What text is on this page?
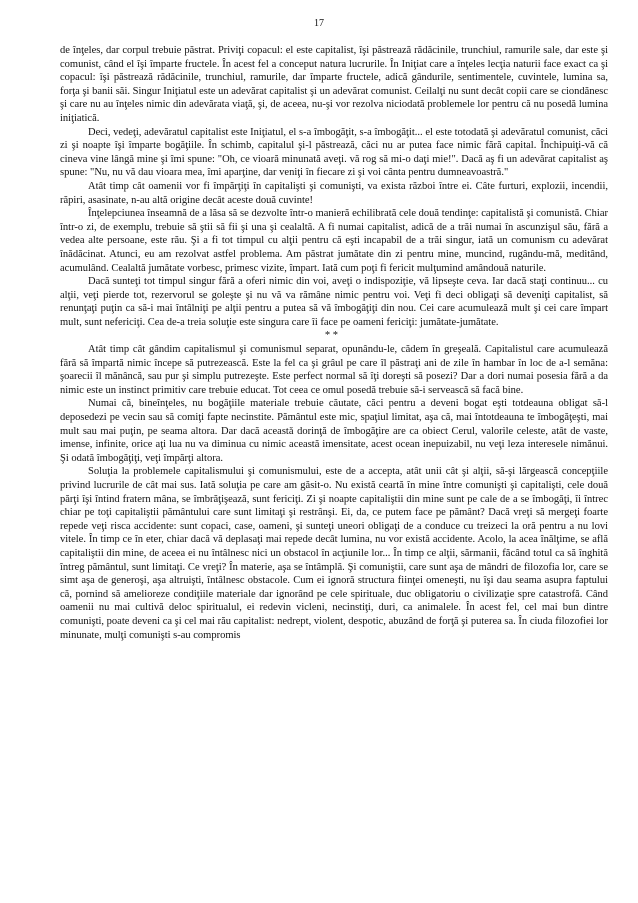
17

de înţeles, dar corpul trebuie păstrat. Priviţi copacul: el este capitalist, îşi păstrează rădăcinile, trunchiul, ramurile sale, dar este şi comunist, când el îşi împarte fructele. În acest fel a conceput natura lucrurile. În Iniţiat care a înţeles lecţia naturii face exact ca şi copacul: îşi păstrează rădăcinile, trunchiul, ramurile, dar împarte fructele, adică gândurile, sentimentele, cuvintele, lumina sa, forţa şi banii săi. Singur Iniţiatul este un adevărat capitalist şi un adevărat comunist. Ceilalţi nu sunt decât copii care se ciondănesc şi care nu au înţeles nimic din adevărata viaţă, şi, de aceea, nu-şi vor rezolva niciodată problemele lor pentru că nu posedă lumina iniţiatică.

Deci, vedeţi, adevăratul capitalist este Iniţiatul, el s-a îmbogăţit, s-a îmbogăţit... el este totodată şi adevăratul comunist, căci zi şi noapte îşi împarte bogăţiile. În schimb, capitalul şi-l păstrează, căci nu ar putea face nimic fără capital. Închipuiţi-vă că cineva vine lângă mine şi îmi spune: "Oh, ce vioară minunată aveţi. vă rog să mi-o daţi mie!". Dacă aş fi un adevărat capitalist aş spune: "Nu, nu vă dau vioara mea, îmi aparţine, dar veniţi în fiecare zi şi voi cânta pentru dumneavoastră."

Atât timp cât oamenii vor fi împărţiţi în capitalişti şi comunişti, va exista război între ei. Câte furturi, explozii, incendii, răpiri, asasinate, n-au altă origine decât aceste două cuvinte!

Înţelepciunea înseamnă de a lăsa să se dezvolte într-o manieră echilibrată cele două tendinţe: capitalistă şi comunistă. Chiar într-o zi, de exemplu, trebuie să ştii să fii şi una şi cealaltă. A fi numai capitalist, adică de a trăi numai în ascunzişul său, fără a vedea alte persoane, este rău. Şi a fi tot timpul cu alţii pentru că eşti incapabil de a trăi singur, iată un comunism cu adevărat înădăcinat. Atunci, eu am rezolvat astfel problema. Am păstrat jumătate din zi pentru mine, muncind, rugându-mă, meditând, acumulând. Cealaltă jumătate vorbesc, primesc vizite, împart. Iată cum poţi fi fericit mulţumind amândouă naturile.

Dacă sunteţi tot timpul singur fără a oferi nimic din voi, aveţi o indispoziţie, vă lipseşte ceva. Iar dacă staţi continuu... cu alţii, veţi pierde tot, rezervorul se goleşte şi nu vă va rămâne nimic pentru voi. Veţi fi deci obligaţi să deveniţi capitalist, să renunţaţi puţin ca să-i mai întâlniţi pe alţii pentru a putea să vă îmbogăţiţi din nou. Cei care acumulează mult şi cei care împart mult, sunt nefericiţi. Cea de-a treia soluţie este singura care îi face pe oameni fericiţi: jumătate-jumătate.

* *

Atât timp cât gândim capitalismul şi comunismul separat, opunându-le, cădem în greşeală. Capitalistul care acumulează fără să împartă nimic începe să putrezească. Este la fel ca şi grâul pe care îl păstraţi ani de zile în hambar în loc de a-l semăna: şoarecii îl mănâncă, sau pur şi simplu putrezeşte. Este perfect normal să îţi doreşti să posezi? Dar a dori numai posesia fără a da nimic este un instinct primitiv care trebuie educat. Tot ceea ce omul posedă trebuie să-i servească să facă bine.

Numai că, bineînţeles, nu bogăţiile materiale trebuie căutate, căci pentru a deveni bogat eşti totdeauna obligat să-l deposedezi pe vecin sau să comiţi fapte necinstite. Pământul este mic, spaţiul limitat, aşa că, mai întotdeauna te îmbogăţeşti, mai mult sau mai puţin, pe seama altora. Dar dacă aceastǎ dorinţă de îmbogăţire are ca obiect Cerul, valorile celeste, atât de vaste, imense, infinite, orice aţi lua nu va diminua cu nimic această imensitate, acest ocean inepuizabil, nu veţi leza interesele nimănui. Şi odată îmbogăţiţi, veţi împărţi altora.

Soluţia la problemele capitalismului şi comunismului, este de a accepta, atât unii cât şi alţii, să-şi lărgească concepţiile privind lucrurile de cât mai sus. Iată soluţia pe care am găsit-o. Nu există ceartă în mine între comunişti şi capitalişti, cele două părţi îşi întind fratern mâna, se îmbrăţişează, sunt fericiţi. Zi şi noapte capitaliştii din mine sunt pe cale de a se îmbogăţi, îi întrec chiar pe toţi capitaliştii pământului care sunt limitaţi şi restrânşi. Ei, da, ce putem face pe pământ? Dacă vreţi să mergeţi foarte repede veţi risca accidente: sunt copaci, case, oameni, şi sunteţi uneori obligaţi de a conduce cu treizeci la oră pentru a nu lovi vitele. În timp ce în eter, chiar dacă vă deplasaţi mai repede decât lumina, nu vor există accidente. Acolo, la acea înălţime, se află capitaliştii din mine, de aceea ei nu întâlnesc nici un obstacol în acţiunile lor... În timp ce alţii, sărmanii, făcând totul ca să înghită întreg pământul, sunt limitaţi. Ce vreţi? În materie, aşa se întâmplă. Şi comuniştii, care sunt aşa de mândri de filozofia lor, care se simt aşa de generoşi, aşa altruişti, întâlnesc obstacole. Cum ei ignoră structura fiinţei omeneşti, nu îşi dau seama asupra faptului că, pornind să amelioreze condiţiile materiale dar ignorând pe cele spirituale, duc obligatoriu o civilizaţie spre catastrofă. Când oamenii nu mai cultivă deloc spiritualul, ei redevin vicleni, necinstiţi, duri, ca animalele. În acest fel, cel mai bun dintre comunişti, poate deveni ca şi cel mai rău capitalist: nedrept, violent, despotic, abuzând de forţă şi puterea sa. În ciuda filozofiei lor minunate, mulţi comunişti s-au compromis
